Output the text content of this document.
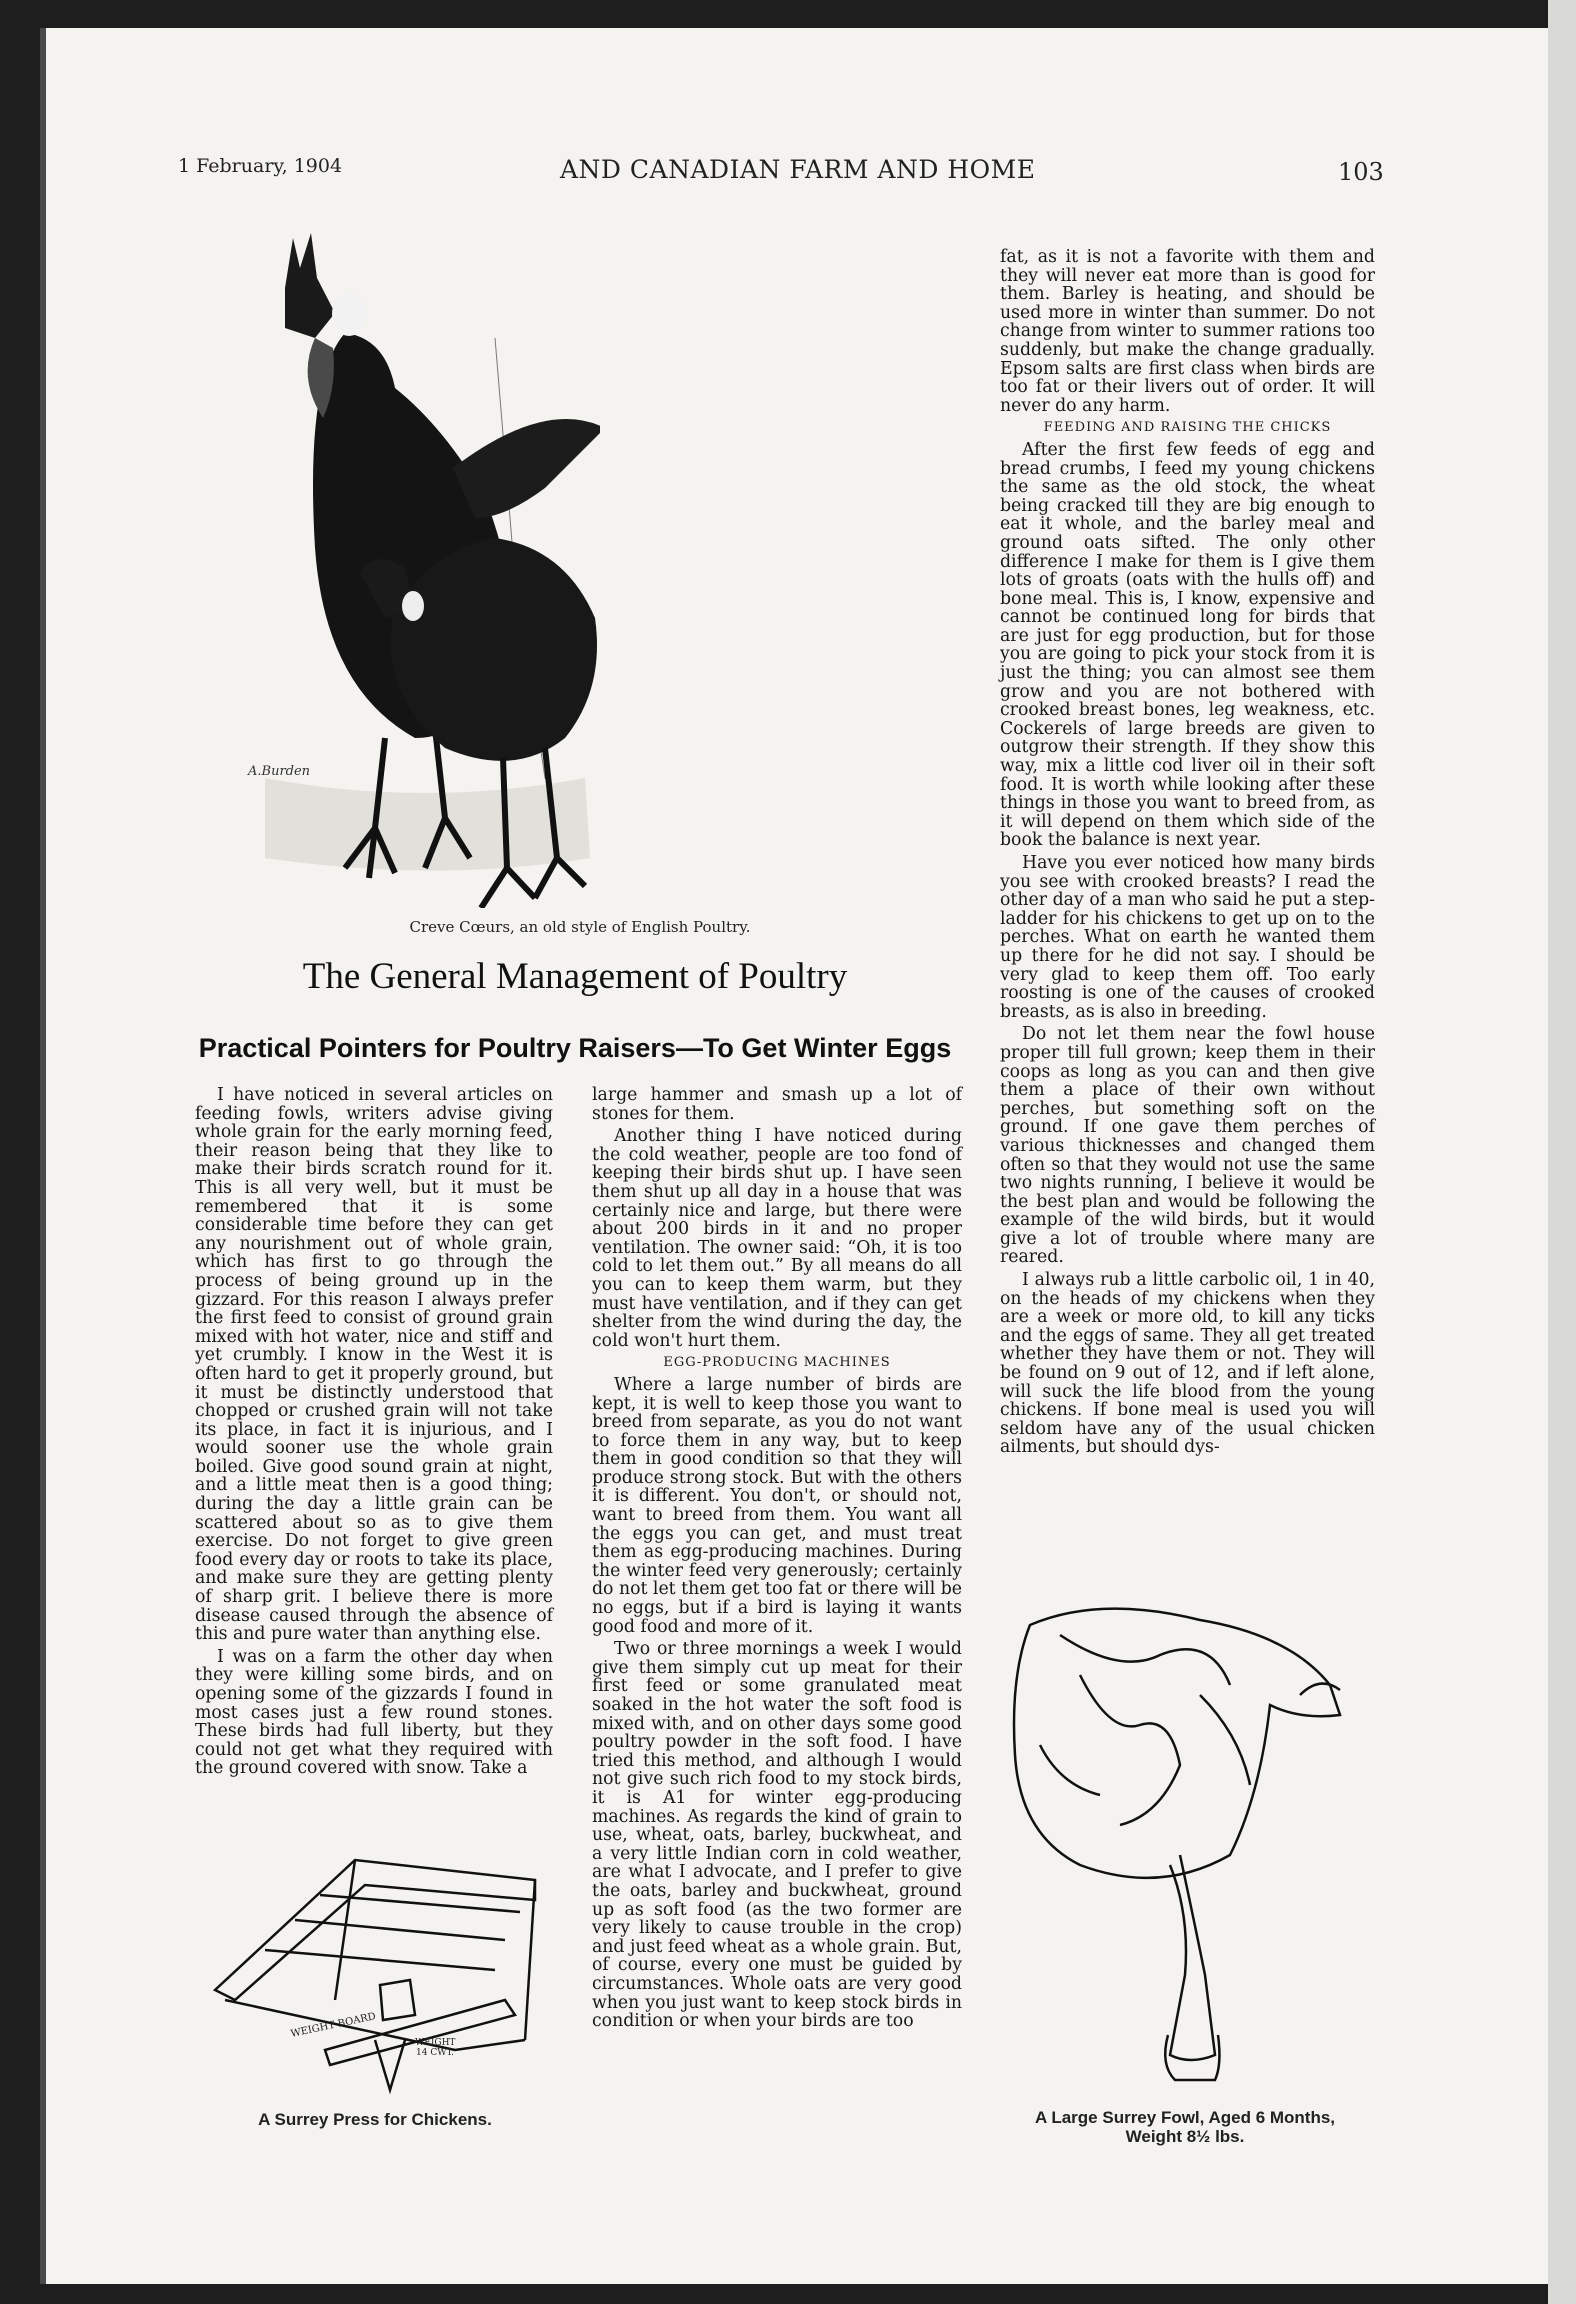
1 February, 1904	AND CANADIAN FARM AND HOME	103
A.Burden
Creve Cœurs, an old style of English Poultry.
The General Management of Poultry
Practical Pointers for Poultry Raisers—To Get Winter Eggs

I have noticed in several articles on feeding fowls, writers advise giving whole grain for the early morning feed, their reason being that they like to make their birds scratch round for it. This is all very well, but it must be remembered that it is some considerable time before they can get any nourishment out of whole grain, which has first to go through the process of being ground up in the gizzard. For this reason I always prefer the first feed to consist of ground grain mixed with hot water, nice and stiff and yet crumbly. I know in the West it is often hard to get it properly ground, but it must be distinctly understood that chopped or crushed grain will not take its place, in fact it is injurious, and I would sooner use the whole grain boiled. Give good sound grain at night, and a little meat then is a good thing; during the day a little grain can be scattered about so as to give them exercise. Do not forget to give green food every day or roots to take its place, and make sure they are getting plenty of sharp grit. I believe there is more disease caused through the absence of this and pure water than anything else.

I was on a farm the other day when they were killing some birds, and on opening some of the gizzards I found in most cases just a few round stones. These birds had full liberty, but they could not get what they required with the ground covered with snow. Take a

large hammer and smash up a lot of stones for them.

Another thing I have noticed during the cold weather, people are too fond of keeping their birds shut up. I have seen them shut up all day in a house that was certainly nice and large, but there were about 200 birds in it and no proper ventilation. The owner said: “Oh, it is too cold to let them out.” By all means do all you can to keep them warm, but they must have ventilation, and if they can get shelter from the wind during the day, the cold won't hurt them.

EGG-PRODUCING MACHINES

Where a large number of birds are kept, it is well to keep those you want to breed from separate, as you do not want to force them in any way, but to keep them in good condition so that they will produce strong stock. But with the others it is different. You don't, or should not, want to breed from them. You want all the eggs you can get, and must treat them as egg-producing machines. During the winter feed very generously; certainly do not let them get too fat or there will be no eggs, but if a bird is laying it wants good food and more of it.

Two or three mornings a week I would give them simply cut up meat for their first feed or some granulated meat soaked in the hot water the soft food is mixed with, and on other days some good poultry powder in the soft food. I have tried this method, and although I would not give such rich food to my stock birds, it is A1 for winter egg-producing machines. As regards the kind of grain to use, wheat, oats, barley, buckwheat, and a very little Indian corn in cold weather, are what I advocate, and I prefer to give the oats, barley and buckwheat, ground up as soft food (as the two former are very likely to cause trouble in the crop) and just feed wheat as a whole grain. But, of course, every one must be guided by circumstances. Whole oats are very good when you just want to keep stock birds in condition or when your birds are too

fat, as it is not a favorite with them and they will never eat more than is good for them. Barley is heating, and should be used more in winter than summer. Do not change from winter to summer rations too suddenly, but make the change gradually. Epsom salts are first class when birds are too fat or their livers out of order. It will never do any harm.

FEEDING AND RAISING THE CHICKS

After the first few feeds of egg and bread crumbs, I feed my young chickens the same as the old stock, the wheat being cracked till they are big enough to eat it whole, and the barley meal and ground oats sifted. The only other difference I make for them is I give them lots of groats (oats with the hulls off) and bone meal. This is, I know, expensive and cannot be continued long for birds that are just for egg production, but for those you are going to pick your stock from it is just the thing; you can almost see them grow and you are not bothered with crooked breast bones, leg weakness, etc. Cockerels of large breeds are given to outgrow their strength. If they show this way, mix a little cod liver oil in their soft food. It is worth while looking after these things in those you want to breed from, as it will depend on them which side of the book the balance is next year.

Have you ever noticed how many birds you see with crooked breasts? I read the other day of a man who said he put a step-ladder for his chickens to get up on to the perches. What on earth he wanted them up there for he did not say. I should be very glad to keep them off. Too early roosting is one of the causes of crooked breasts, as is also in breeding.

Do not let them near the fowl house proper till full grown; keep them in their coops as long as you can and then give them a place of their own without perches, but something soft on the ground. If one gave them perches of various thicknesses and changed them often so that they would not use the same two nights running, I believe it would be the best plan and would be following the example of the wild birds, but it would give a lot of trouble where many are reared.

I always rub a little carbolic oil, 1 in 40, on the heads of my chickens when they are a week or more old, to kill any ticks and the eggs of same. They all get treated whether they have them or not. They will be found on 9 out of 12, and if left alone, will suck the life blood from the young chickens. If bone meal is used you will seldom have any of the usual chicken ailments, but should dys-

WEIGHT BOARD
WEIGHT 14 CWT.
A Surrey Press for Chickens.	A Large Surrey Fowl, Aged 6 Months,
Weight 8½ lbs.
